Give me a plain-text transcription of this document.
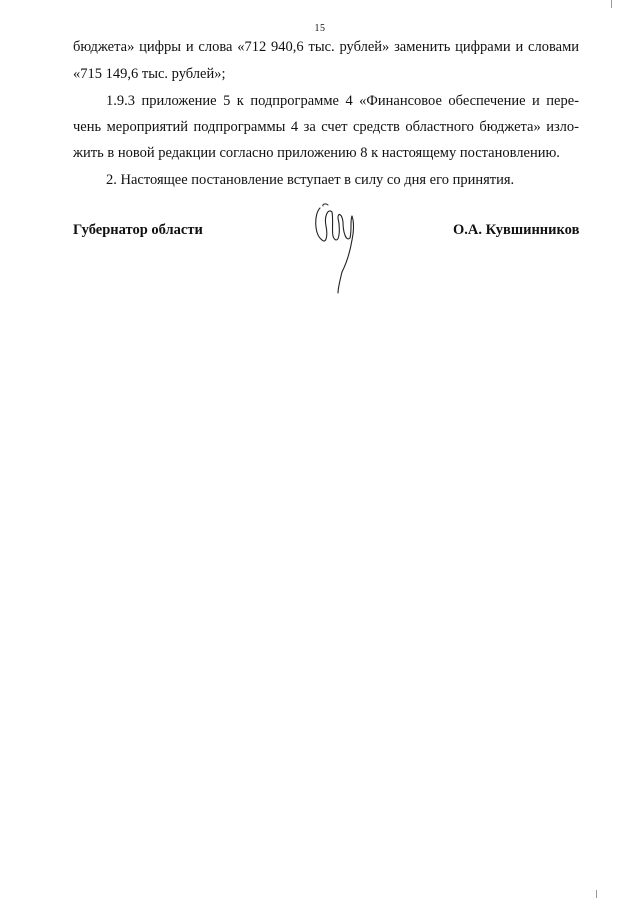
15
бюджета» цифры и слова «712 940,6 тыс. рублей» заменить цифрами и словами
«715 149,6 тыс. рублей»;
1.9.3 приложение 5 к подпрограмме 4 «Финансовое обеспечение и пере-
чень мероприятий подпрограммы 4 за счет средств областного бюджета» изло-
жить в новой редакции согласно приложению 8 к настоящему постановлению.
2. Настоящее постановление вступает в силу со дня его принятия.
Губернатор области	О.А. Кувшинников
